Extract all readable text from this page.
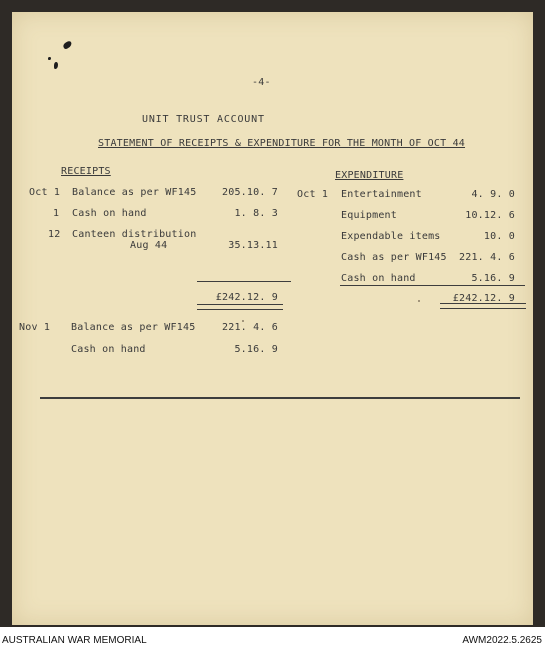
-4-
UNIT TRUST ACCOUNT
STATEMENT OF RECEIPTS & EXPENDITURE FOR THE MONTH OF OCT 44
RECEIPTS
Oct 1 Balance as per WF145	205.10. 7
1 Cash on hand	1. 8. 3
12 Canteen distribution
Aug 44	35.13.11
£242.12. 9
EXPENDITURE
Oct 1 Entertainment	4. 9. 0
Equipment	10.12. 6
Expendable items	10. 0
Cash as per WF145	221. 4. 6
Cash on hand	5.16. 9
£242.12. 9
Nov 1 Balance as per WF145	221. 4. 6
Cash on hand	5.16. 9
AUSTRALIAN WAR MEMORIAL	AWM2022.5.2625
